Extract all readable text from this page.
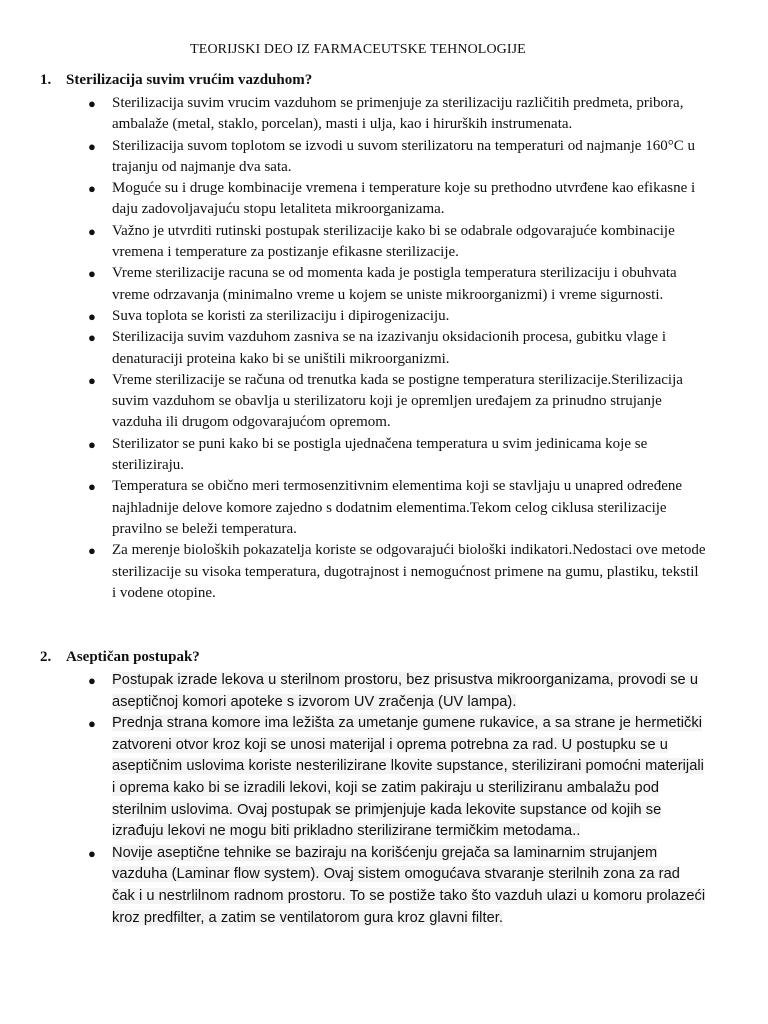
TEORIJSKI DEO IZ FARMACEUTSKE TEHNOLOGIJE
1. Sterilizacija suvim vrućim vazduhom?
● Sterilizacija suvim vrucim vazduhom se primenjuje za sterilizaciju različitih predmeta, pribora, ambalaže (metal, staklo, porcelan), masti i ulja, kao i hirurških instrumenata.
● Sterilizacija suvom toplotom se izvodi u suvom sterilizatoru na temperaturi od najmanje 160°C u trajanju od najmanje dva sata.
● Moguće su i druge kombinacije vremena i temperature koje su prethodno utvrđene kao efikasne i daju zadovoljavajuću stopu letaliteta mikroorganizama.
● Važno je utvrditi rutinski postupak sterilizacije kako bi se odabrale odgovarajuće kombinacije vremena i temperature za postizanje efikasne sterilizacije.
● Vreme sterilizacije racuna se od momenta kada je postigla temperatura sterilizaciju i obuhvata vreme odrzavanja (minimalno vreme u kojem se uniste mikroorganizmi) i vreme sigurnosti.
● Suva toplota se koristi za sterilizaciju i dipirogenizaciju.
● Sterilizacija suvim vazduhom zasniva se na izazivanju oksidacionih procesa, gubitku vlage i denaturaciji proteina kako bi se uništili mikroorganizmi.
● Vreme sterilizacije se računa od trenutka kada se postigne temperatura sterilizacije.Sterilizacija suvim vazduhom se obavlja u sterilizatoru koji je opremljen uređajem za prinudno strujanje vazduha ili drugom odgovarajućom opremom.
● Sterilizator se puni kako bi se postigla ujednačena temperatura u svim jedinicama koje se steriliziraju.
● Temperatura se obično meri termosenzitivnim elementima koji se stavljaju u unapred određene najhladnije delove komore zajedno s dodatnim elementima.Tekom celog ciklusa sterilizacije pravilno se beleži temperatura.
● Za merenje bioloških pokazatelja koriste se odgovarajući biološki indikatori.Nedostaci ove metode sterilizacije su visoka temperatura, dugotrajnost i nemogućnost primene na gumu, plastiku, tekstil i vodene otopine.
2. Aseptičan postupak?
● Postupak izrade lekova u sterilnom prostoru, bez prisustva mikroorganizama, provodi se u aseptičnoj komori apoteke s izvorom UV zračenja (UV lampa).
● Prednja strana komore ima ležišta za umetanje gumene rukavice, a sa strane je hermetički zatvoreni otvor kroz koji se unosi materijal i oprema potrebna za rad. U postupku se u aseptičnim uslovima koriste nesterilizirane lkovite supstance, sterilizirani pomoćni materijali i oprema kako bi se izradili lekovi, koji se zatim pakiraju u steriliziranu ambalažu pod sterilnim uslovima. Ovaj postupak se primjenjuje kada lekovite supstance od kojih se izrađuju lekovi ne mogu biti prikladno sterilizirane termičkim metodama..
● Novije aseptične tehnike se baziraju na korišćenju grejača sa laminarnim strujanjem vazduha (Laminar flow system). Ovaj sistem omogućava stvaranje sterilnih zona za rad čak i u nestrlilnom radnom prostoru. To se postiže tako što vazduh ulazi u komoru prolazeći kroz predfilter, a zatim se ventilatorom gura kroz glavni filter.
